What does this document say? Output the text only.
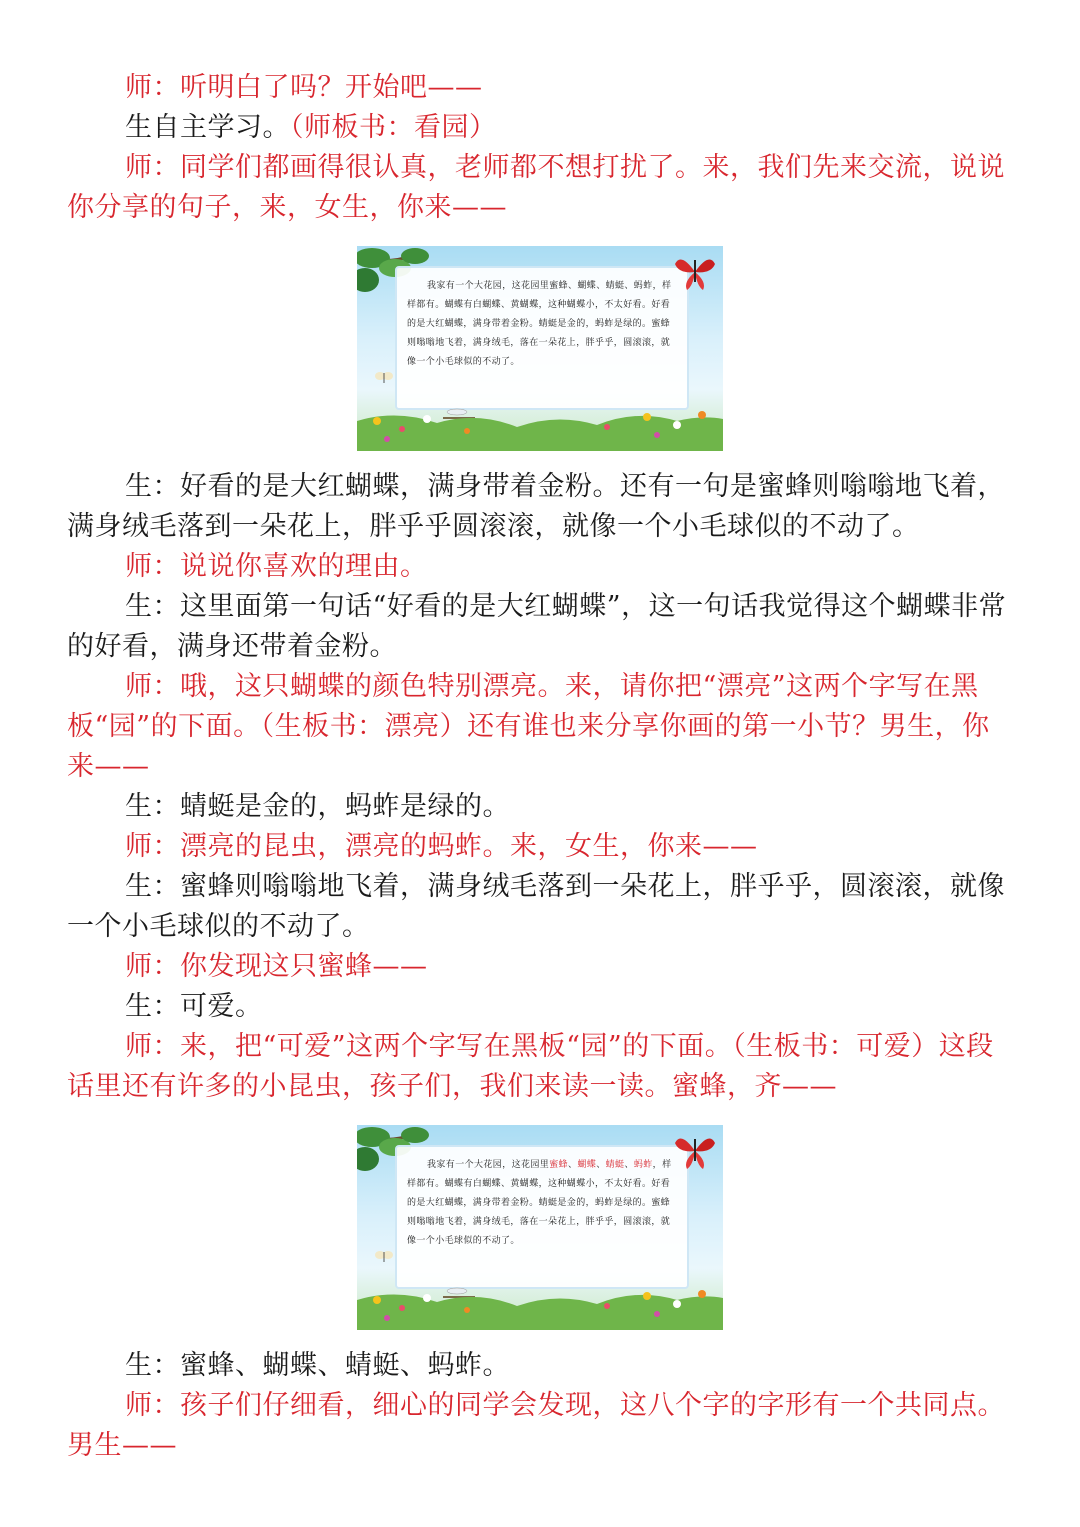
师：听明白了吗？开始吧——

生自主学习。（师板书：看园）

师：同学们都画得很认真，老师都不想打扰了。来，我们先来交流，说说你分享的句子，来，女生，你来——

我家有一个大花园，这花园里蜜蜂、蝴蝶、蜻蜓、蚂蚱，样样都有。蝴蝶有白蝴蝶、黄蝴蝶，这种蝴蝶小，不太好看。好看的是大红蝴蝶，满身带着金粉。蜻蜓是金的，蚂蚱是绿的。蜜蜂则嗡嗡地飞着，满身绒毛，落在一朵花上，胖乎乎，圆滚滚，就像一个小毛球似的不动了。

生：好看的是大红蝴蝶，满身带着金粉。还有一句是蜜蜂则嗡嗡地飞着，满身绒毛落到一朵花上，胖乎乎圆滚滚，就像一个小毛球似的不动了。

师：说说你喜欢的理由。

生：这里面第一句话“好看的是大红蝴蝶”，这一句话我觉得这个蝴蝶非常的好看，满身还带着金粉。

师：哦，这只蝴蝶的颜色特别漂亮。来，请你把“漂亮”这两个字写在黑板“园”的下面。（生板书：漂亮）还有谁也来分享你画的第一小节？男生，你来——

生：蜻蜓是金的，蚂蚱是绿的。

师：漂亮的昆虫，漂亮的蚂蚱。来，女生，你来——

生：蜜蜂则嗡嗡地飞着，满身绒毛落到一朵花上，胖乎乎，圆滚滚，就像一个小毛球似的不动了。

师：你发现这只蜜蜂——

生：可爱。

师：来，把“可爱”这两个字写在黑板“园”的下面。（生板书：可爱）这段话里还有许多的小昆虫，孩子们，我们来读一读。蜜蜂，齐——

我家有一个大花园，这花园里蜜蜂、蝴蝶、蜻蜓、蚂蚱，样样都有。蝴蝶有白蝴蝶、黄蝴蝶，这种蝴蝶小，不太好看。好看的是大红蝴蝶，满身带着金粉。蜻蜓是金的，蚂蚱是绿的。蜜蜂则嗡嗡地飞着，满身绒毛，落在一朵花上，胖乎乎，圆滚滚，就像一个小毛球似的不动了。

生：蜜蜂、蝴蝶、蜻蜓、蚂蚱。

师：孩子们仔细看，细心的同学会发现，这八个字的字形有一个共同点。男生——
